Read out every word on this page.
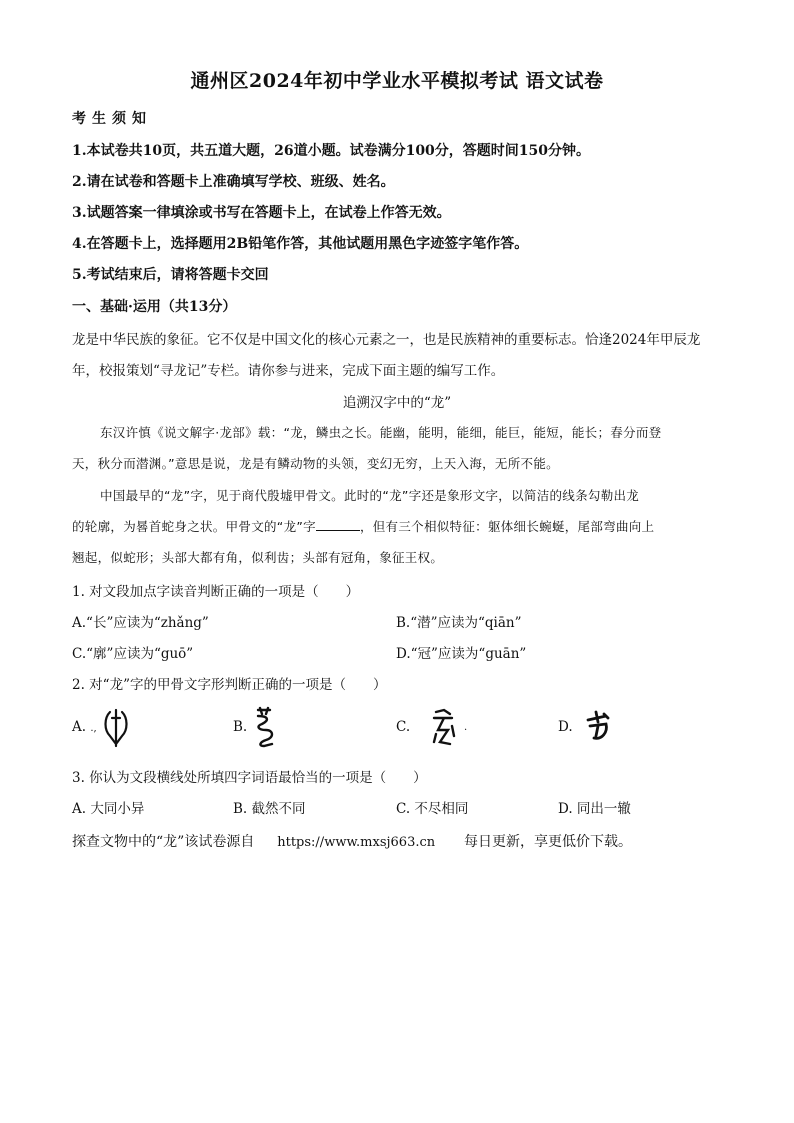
通州区2024年初中学业水平模拟考试 语文试卷
考生须知
1.本试卷共10页，共五道大题，26道小题。试卷满分100分，答题时间150分钟。
2.请在试卷和答题卡上准确填写学校、班级、姓名。
3.试题答案一律填涂或书写在答题卡上，在试卷上作答无效。
4.在答题卡上，选择题用2B铅笔作答，其他试题用黑色字迹签字笔作答。
5.考试结束后，请将答题卡交回
一、基础·运用（共13分）
龙是中华民族的象征。它不仅是中国文化的核心元素之一，也是民族精神的重要标志。恰逢2024年甲辰龙
年，校报策划“寻龙记”专栏。请你参与进来，完成下面主题的编写工作。
追溯汉字中的“龙”
东汉许慎《说文解字·龙部》载：“龙，鳞虫之长。能幽，能明，能细，能巨，能短，能长；春分而登
天，秋分而潜渊。”意思是说，龙是有鳞动物的头领，变幻无穷，上天入海，无所不能。
中国最早的“龙”字，见于商代殷墟甲骨文。此时的“龙”字还是象形文字，以简洁的线条勾勒出龙
的轮廓，为晷首蛇身之状。甲骨文的“龙”字	，但有三个相似特征：躯体细长蜿蜒，尾部弯曲向上
翘起，似蛇形；头部大都有角，似利齿；头部有冠角，象征王权。
1. 对文段加点字读音判断正确的一项是（　　）
A.“长”应读为“zhǎng”	B.“潜”应读为“qiān”
C.“廓”应读为“guō”	D.“冠”应读为“guān”
2. 对“龙”字的甲骨文字形判断正确的一项是（　　）
A. .,	B.	C.	.	D.
3. 你认为文段横线处所填四字词语最恰当的一项是（　　）
A. 大同小异	B. 截然不同	C. 不尽相同	D. 同出一辙
探查文物中的“龙”该试卷源自 https://www.mxsj663.cn 每日更新，享更低价下载。
